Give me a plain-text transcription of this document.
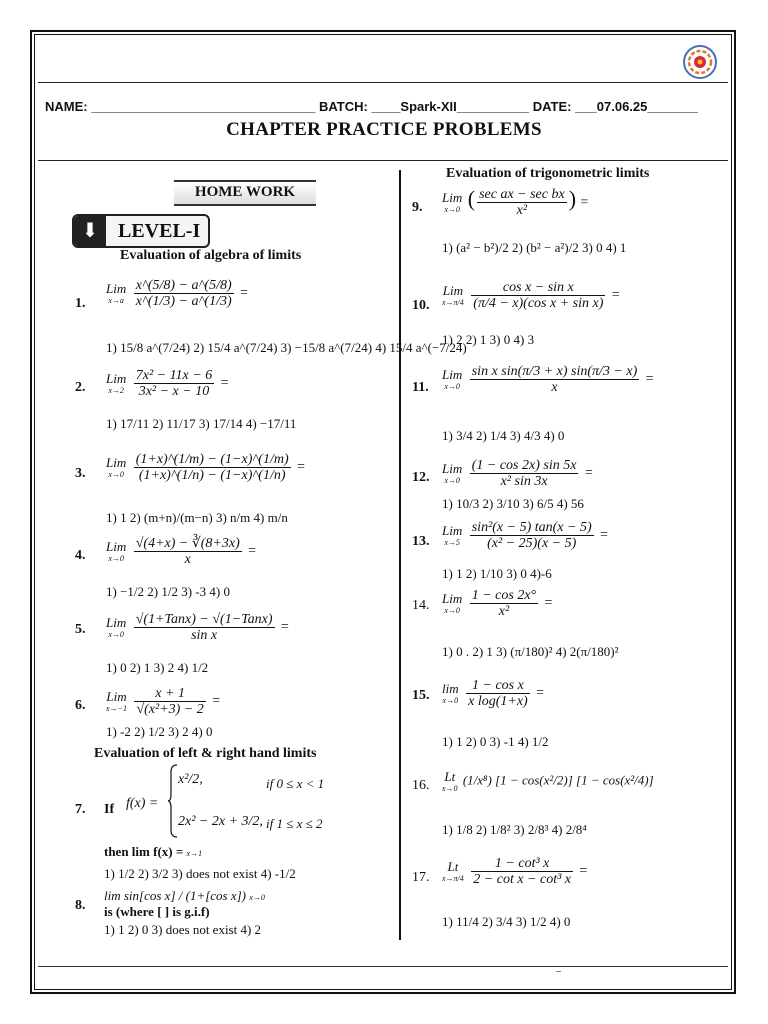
NAME: _______________________________ BATCH: ____Spark-XII__________ DATE: ___07.06.25_______
CHAPTER PRACTICE PROBLEMS
HOME WORK
⬇ LEVEL-I
Evaluation of algebra of limits
1.
Lim
x→a
$\frac{x\^{}(5/8) - a\^{}(5/8)}{x\^{}(1/3) - a\^{}(1/3)}$ =
1) 15/8 a^(7/24) 2) 15/4 a^(7/24) 3) −15/8 a^(7/24) 4) 15/4 a^(−7/24)
2.
Lim
x→2
$\frac{\text{7x² − 11x − 6}}{\text{3x² − x − 10}}$ =
1) 17/11 2) 11/17 3) 17/14 4) −17/11
3.
Lim
x→0
$\frac{(1+x)\^{}(1/m) - (1-x)\^{}(1/m)}{(1+x)\^{}(1/n) - (1-x)\^{}(1/n)}$ =
1) 1 2) (m+n)/(m−n) 3) n/m 4) m/n
4.
Lim
x→0
$\frac{√(4+x) - ∛(8+3x)}{x}$ =
1) −1/2 2) 1/2 3) -3 4) 0
5. Lim
x→0
$\frac{\text{√(1+Tanx) − √(1−Tanx)}}{\text{sin x}}$ =
1) 0 2) 1 3) 2 4) 1/2
6.
Lim
x→−1
$\frac{x + 1}{\text{√(x²+3) − 2}}$ =
1) -2 2) 1/2 3) 2 4) 0
Evaluation of left & right hand limits
7. If f(x) =
x²/2,	if 0 ≤ x < 1
2x² − 2x + 3/2, if 1 ≤ x ≤ 2
then lim f(x) = x→1
1) 1/2 2) 3/2 3) does not exist 4) -1/2
8.
lim sin[cos x] / (1+[cos x]) x→0
is (where [ ] is g.i.f)
1) 1 2) 0 3) does not exist 4) 2
Evaluation of trigonometric limits
9.
Lim
x→0 ( $\frac{\text{sec ax − sec bx}}{\text{x²}}$ ) =
1) (a² − b²)/2 2) (b² − a²)/2 3) 0 4) 1
10.
Lim
x→π/4
$\frac{\text{cos x − sin x}}{\text{(π/4 − x)(cos x + sin x)}}$ =
1) 2 2) 1 3) 0 4) 3
11.
Lim
x→0
$\frac{\text{sin x sin(π/3 + x) sin(π/3 − x)}}{x}$ =
1) 3/4 2) 1/4 3) 4/3 4) 0
12.
Lim
x→0
$\frac{(1 - \cos 2x) \sin 5x}{\text{x² sin 3x}}$ =
1) 10/3 2) 3/10 3) 6/5 4) 56
13.
Lim
x→5
$\frac{\text{sin²(x − 5) tan(x − 5)}}{\text{(x² − 25)(x − 5)}}$ =
1) 1 2) 1/10 3) 0 4)-6
14. Lim
x→0
$\frac{1 - \cos 2x^\circ}{\text{x²}}$ =
1) 0 . 2) 1 3) (π/180)² 4) 2(π/180)²
15. lim
x→0
$\frac{\text{1 − cos x}}{\text{x log(1+x)}}$ =
1) 1 2) 0 3) -1 4) 1/2
16.
Lt
x→0
(1/x⁸) [1 − cos(x²/2)] [1 − cos(x²/4)]
1) 1/8 2) 1/8² 3) 2/8³ 4) 2/8⁴
17.
Lt
x→π/4
$\frac{\text{1 − cot³ x}}{\text{2 − cot x − cot³ x}}$ =
1) 11/4 2) 3/4 3) 1/2 4) 0
–
